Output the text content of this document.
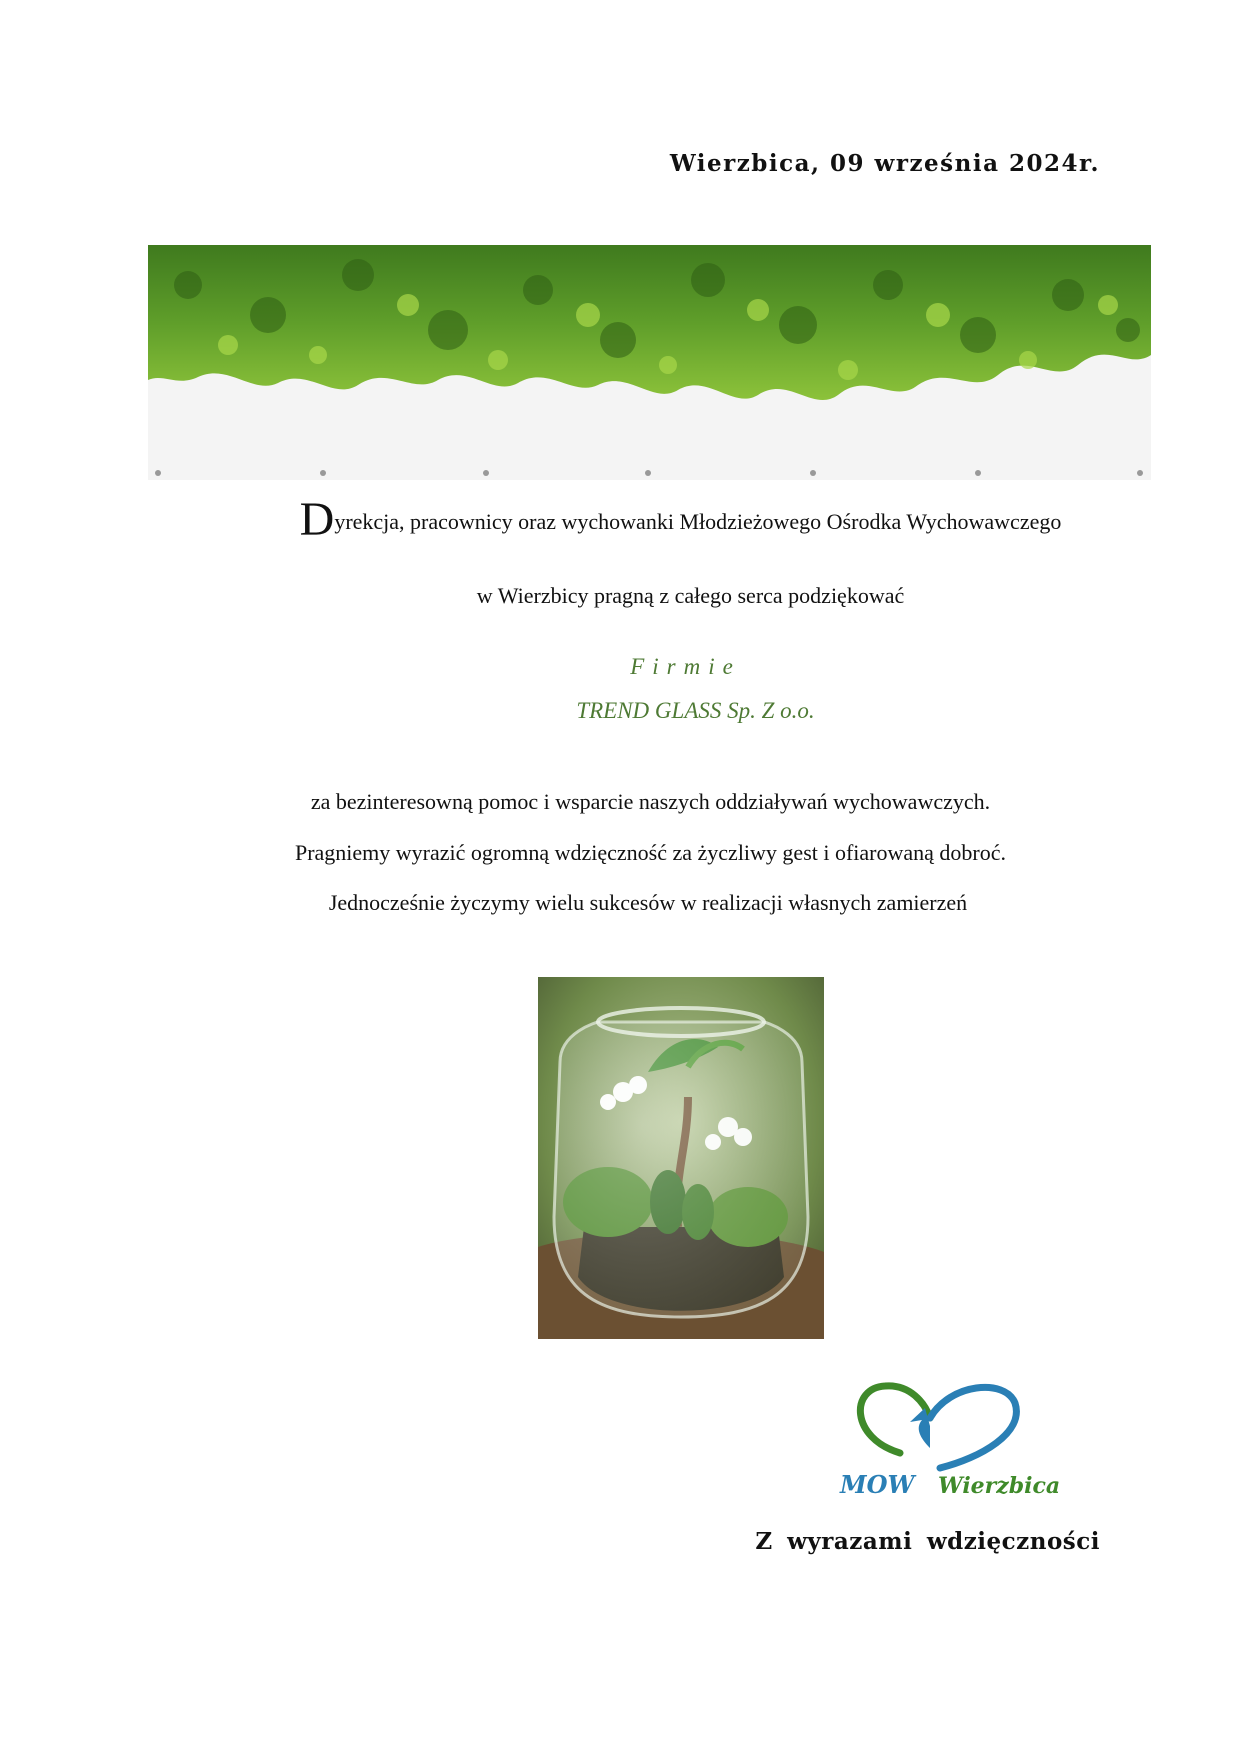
Wierzbica, 09 września 2024r.
Dyrekcja, pracownicy oraz wychowanki Młodzieżowego Ośrodka Wychowawczego
w Wierzbicy pragną z całego serca podziękować
Firmie
TREND GLASS Sp. Z o.o.
za bezinteresowną pomoc i wsparcie naszych oddziaływań wychowawczych.
Pragniemy wyrazić ogromną wdzięczność za życzliwy gest i ofiarowaną dobroć.
Jednocześnie życzymy wielu sukcesów w realizacji własnych zamierzeń
MOW Wierzbica
Z wyrazami wdzięczności
